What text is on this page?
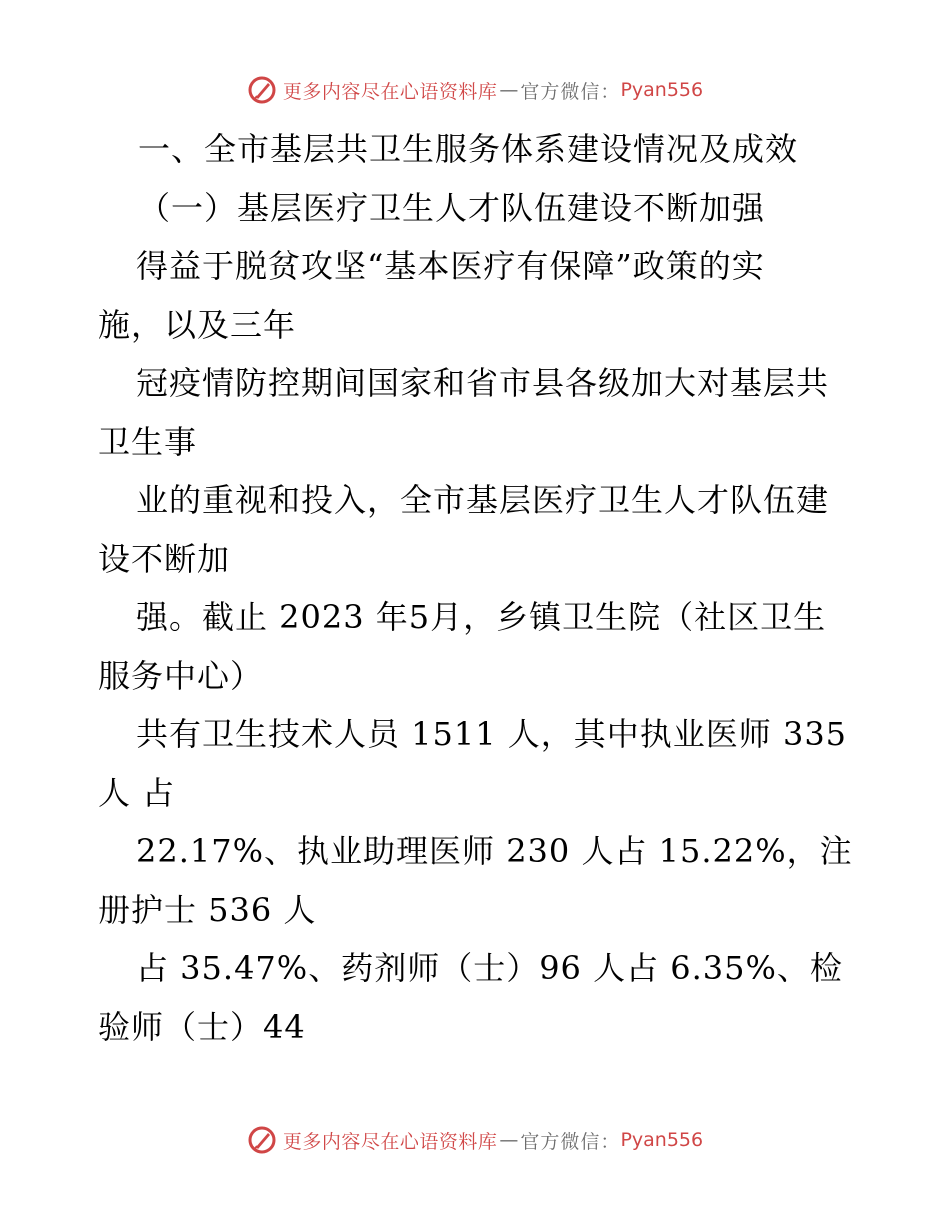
更多内容尽在心语资料库 — 官方微信： Pyan556
一、全市基层共卫生服务体系建设情况及成效
（一）基层医疗卫生人才队伍建设不断加强
得益于脱贫攻坚“基本医疗有保障”政策的实
施，以及三年
冠疫情防控期间国家和省市县各级加大对基层共
卫生事
业的重视和投入，全市基层医疗卫生人才队伍建
设不断加
强。截止 2023 年5月，乡镇卫生院（社区卫生
服务中心）
共有卫生技术人员 1511 人，其中执业医师 335
人 占
22.17%、执业助理医师 230 人占 15.22%，注
册护士 536 人
占 35.47%、药剂师（士）96 人占 6.35%、检
验师（士）44
更多内容尽在心语资料库 — 官方微信： Pyan556
